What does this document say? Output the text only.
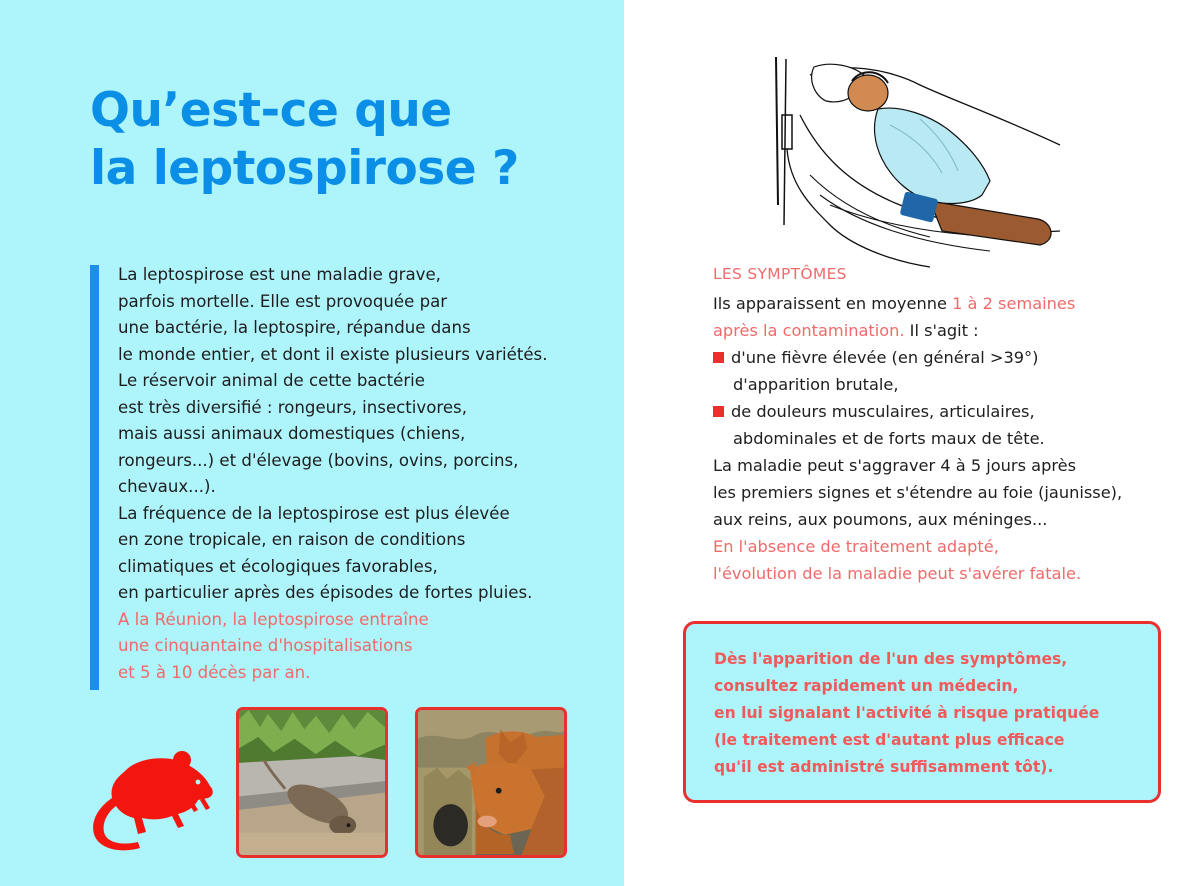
Qu’est-ce que
la leptospirose ?
La leptospirose est une maladie grave,
parfois mortelle. Elle est provoquée par
une bactérie, la leptospire, répandue dans
le monde entier, et dont il existe plusieurs variétés.
Le réservoir animal de cette bactérie
est très diversifié : rongeurs, insectivores,
mais aussi animaux domestiques (chiens,
rongeurs...) et d'élevage (bovins, ovins, porcins,
chevaux...).
La fréquence de la leptospirose est plus élevée
en zone tropicale, en raison de conditions
climatiques et écologiques favorables,
en particulier après des épisodes de fortes pluies.
A la Réunion, la leptospirose entraîne
une cinquantaine d'hospitalisations
et 5 à 10 décès par an.
LES SYMPTÔMES
Ils apparaissent en moyenne 1 à 2 semaines
après la contamination. Il s'agit :
d'une fièvre élevée (en général >39°)
d'apparition brutale,
de douleurs musculaires, articulaires,
abdominales et de forts maux de tête.
La maladie peut s'aggraver 4 à 5 jours après
les premiers signes et s'étendre au foie (jaunisse),
aux reins, aux poumons, aux méninges...
En l'absence de traitement adapté,
l'évolution de la maladie peut s'avérer fatale.
Dès l'apparition de l'un des symptômes,
consultez rapidement un médecin,
en lui signalant l'activité à risque pratiquée
(le traitement est d'autant plus efficace
qu'il est administré suffisamment tôt).
